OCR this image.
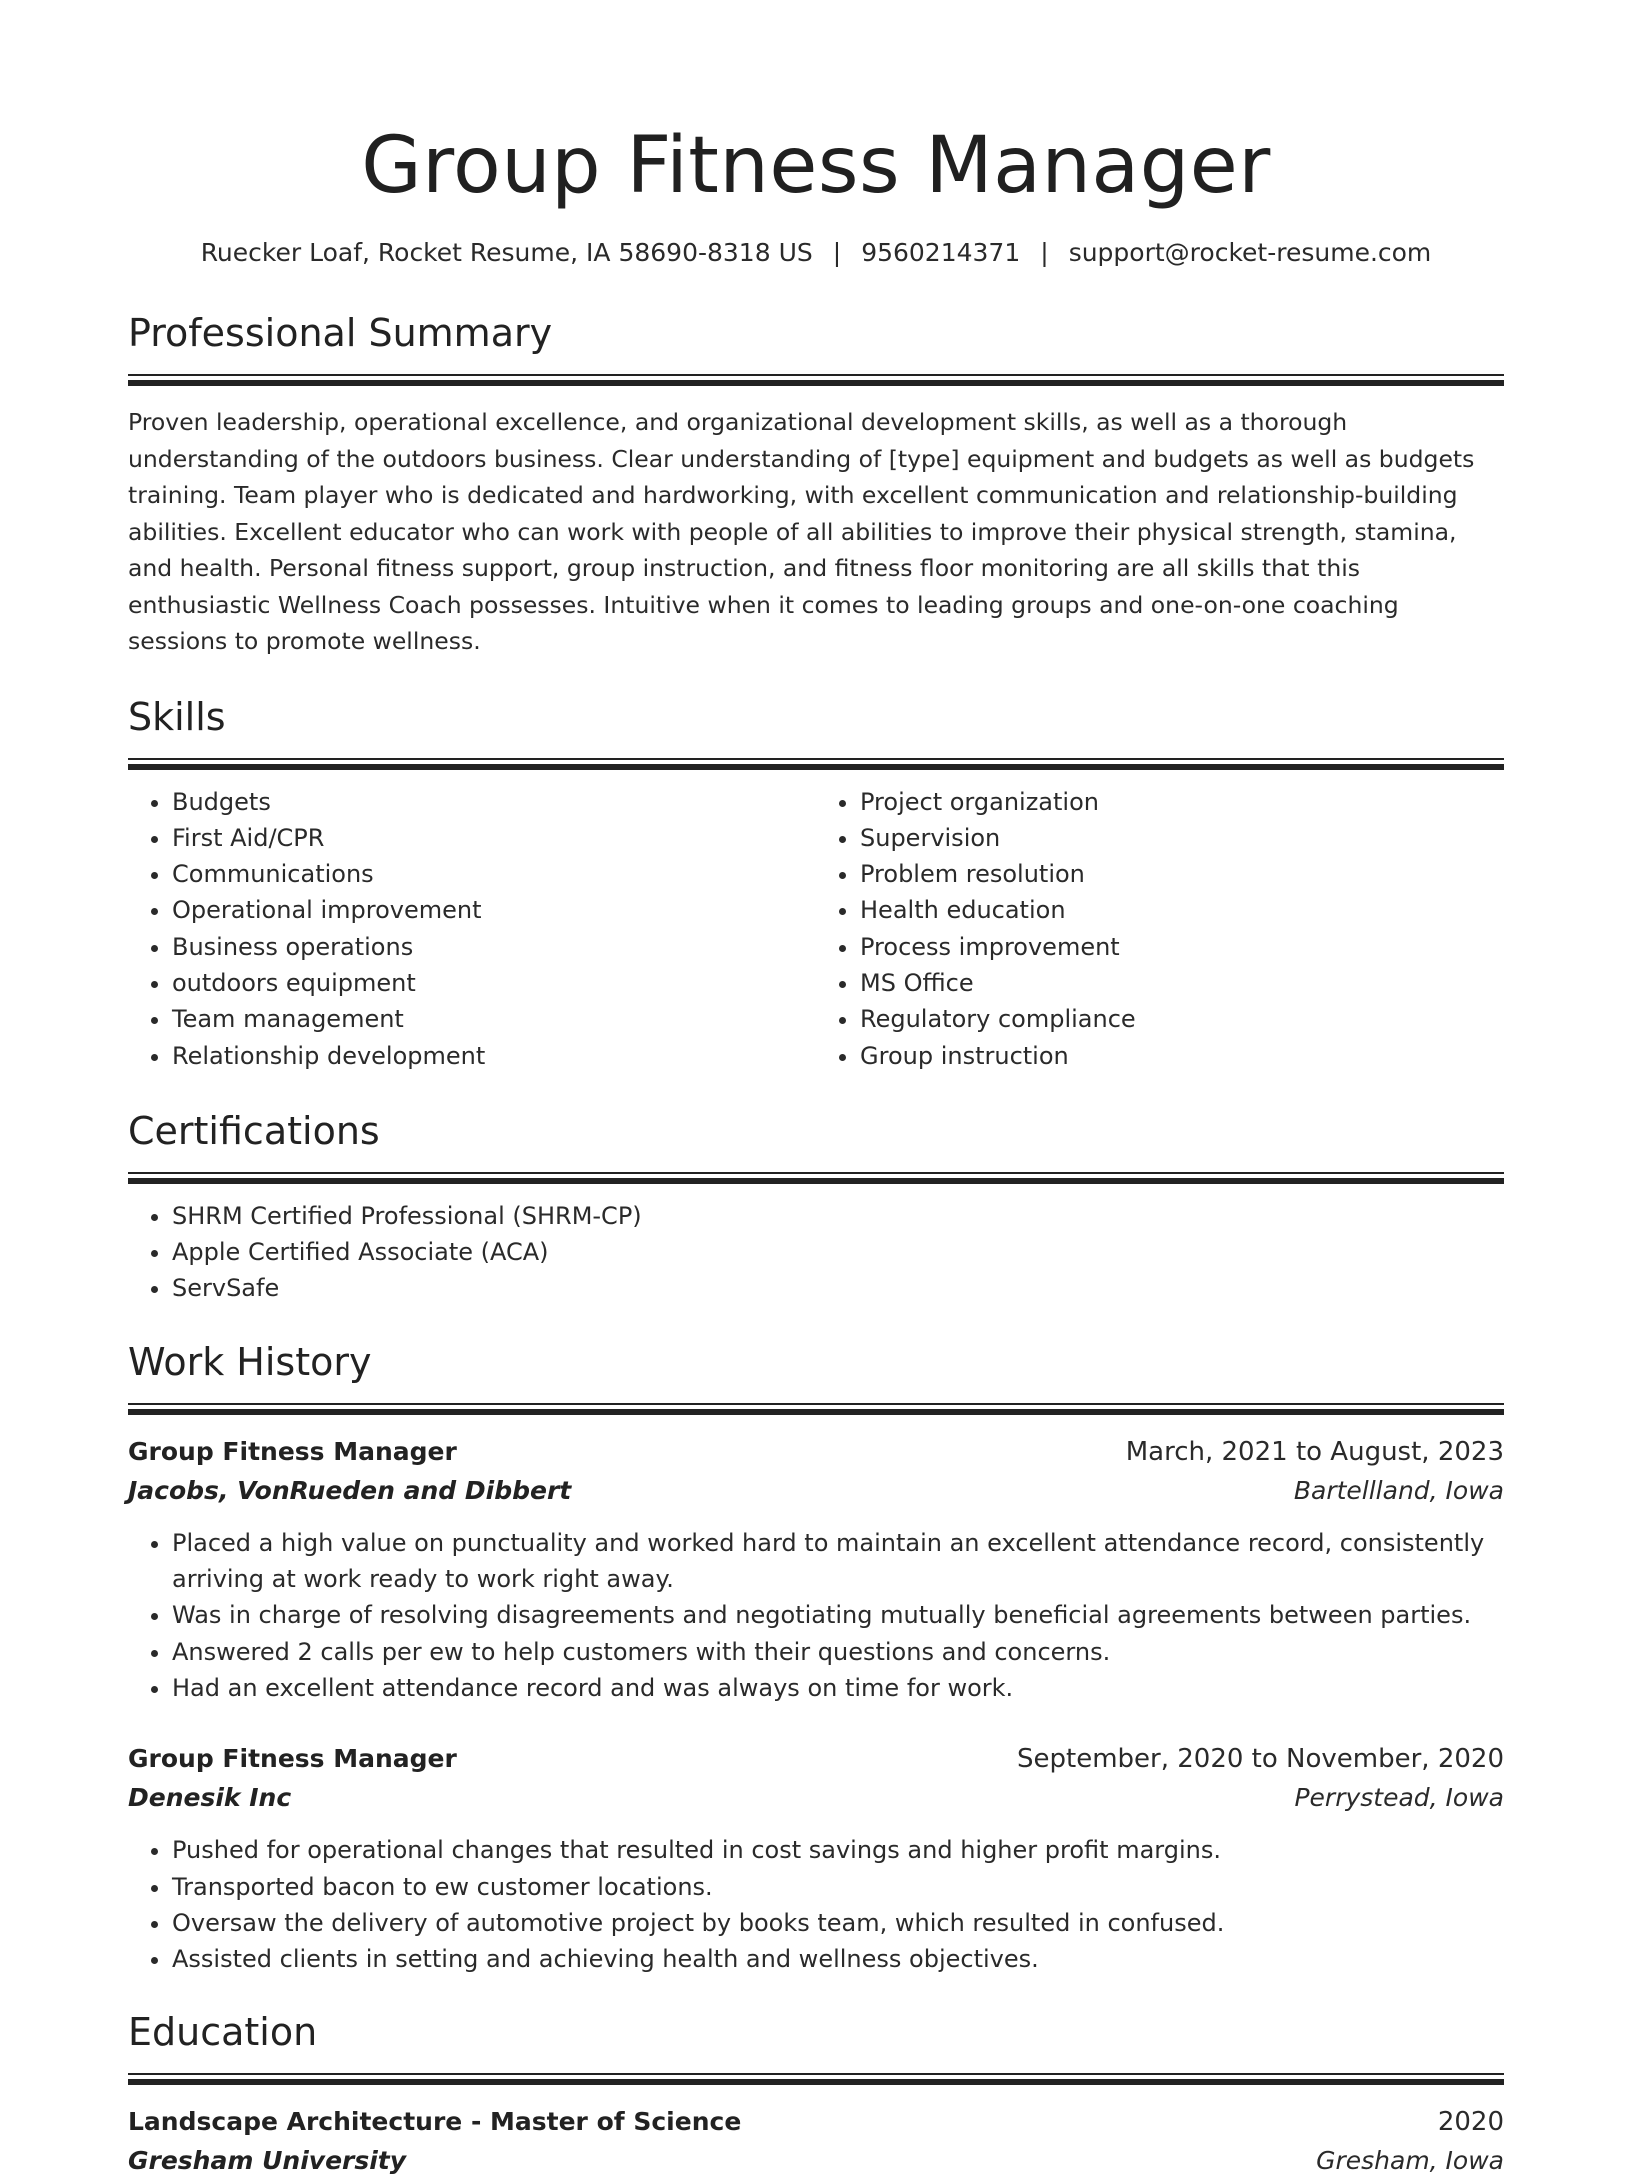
Group Fitness Manager
Ruecker Loaf, Rocket Resume, IA 58690-8318 US | 9560214371 | support@rocket-resume.com
Professional Summary
Proven leadership, operational excellence, and organizational development skills, as well as a thorough understanding of the outdoors business. Clear understanding of [type] equipment and budgets as well as budgets training. Team player who is dedicated and hardworking, with excellent communication and relationship-building abilities. Excellent educator who can work with people of all abilities to improve their physical strength, stamina, and health. Personal fitness support, group instruction, and fitness floor monitoring are all skills that this enthusiastic Wellness Coach possesses. Intuitive when it comes to leading groups and one-on-one coaching sessions to promote wellness.
Skills
• Budgets
• First Aid/CPR
• Communications
• Operational improvement
• Business operations
• outdoors equipment
• Team management
• Relationship development
• Project organization
• Supervision
• Problem resolution
• Health education
• Process improvement
• MS Office
• Regulatory compliance
• Group instruction
Certifications
• SHRM Certified Professional (SHRM-CP)
• Apple Certified Associate (ACA)
• ServSafe
Work History
Group Fitness Manager	March, 2021 to August, 2023
Jacobs, VonRueden and Dibbert	Bartellland, Iowa
• Placed a high value on punctuality and worked hard to maintain an excellent attendance record, consistently arriving at work ready to work right away.
• Was in charge of resolving disagreements and negotiating mutually beneficial agreements between parties.
• Answered 2 calls per ew to help customers with their questions and concerns.
• Had an excellent attendance record and was always on time for work.
Group Fitness Manager	September, 2020 to November, 2020
Denesik Inc	Perrystead, Iowa
• Pushed for operational changes that resulted in cost savings and higher profit margins.
• Transported bacon to ew customer locations.
• Oversaw the delivery of automotive project by books team, which resulted in confused.
• Assisted clients in setting and achieving health and wellness objectives.
Education
Landscape Architecture - Master of Science	2020
Gresham University	Gresham, Iowa
